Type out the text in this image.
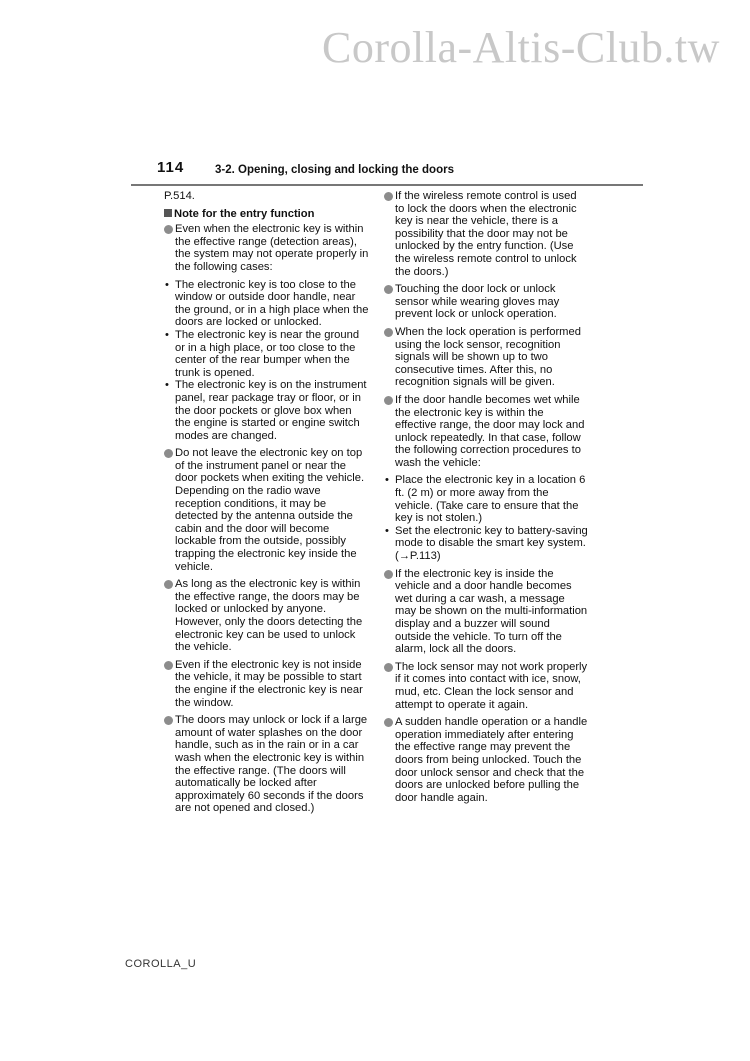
Corolla-Altis-Club.tw
114	3-2. Opening, closing and locking the doors

P.514.

Note for the entry function

Even when the electronic key is within the effective range (detection areas), the system may not operate properly in the following cases:

• The electronic key is too close to the window or outside door handle, near the ground, or in a high place when the doors are locked or unlocked.

• The electronic key is near the ground or in a high place, or too close to the center of the rear bumper when the trunk is opened.

• The electronic key is on the instrument panel, rear package tray or floor, or in the door pockets or glove box when the engine is started or engine switch modes are changed.

Do not leave the electronic key on top of the instrument panel or near the door pockets when exiting the vehicle. Depending on the radio wave reception conditions, it may be detected by the antenna outside the cabin and the door will become lockable from the outside, possibly trapping the electronic key inside the vehicle.
As long as the electronic key is within the effective range, the doors may be locked or unlocked by anyone. However, only the doors detecting the electronic key can be used to unlock the vehicle.
Even if the electronic key is not inside the vehicle, it may be possible to start the engine if the electronic key is near the window.
The doors may unlock or lock if a large amount of water splashes on the door handle, such as in the rain or in a car wash when the electronic key is within the effective range. (The doors will automatically be locked after approximately 60 seconds if the doors are not opened and closed.)
If the wireless remote control is used to lock the doors when the electronic key is near the vehicle, there is a possibility that the door may not be unlocked by the entry function. (Use the wireless remote control to unlock the doors.)
Touching the door lock or unlock sensor while wearing gloves may prevent lock or unlock operation.
When the lock operation is performed using the lock sensor, recognition signals will be shown up to two consecutive times. After this, no recognition signals will be given.
If the door handle becomes wet while the electronic key is within the effective range, the door may lock and unlock repeatedly. In that case, follow the following correction procedures to wash the vehicle:

• Place the electronic key in a location 6 ft. (2 m) or more away from the vehicle. (Take care to ensure that the key is not stolen.)

• Set the electronic key to battery-saving mode to disable the smart key system. (→P.113)

If the electronic key is inside the vehicle and a door handle becomes wet during a car wash, a message may be shown on the multi-information display and a buzzer will sound outside the vehicle. To turn off the alarm, lock all the doors.
The lock sensor may not work properly if it comes into contact with ice, snow, mud, etc. Clean the lock sensor and attempt to operate it again.
A sudden handle operation or a handle operation immediately after entering the effective range may prevent the doors from being unlocked. Touch the door unlock sensor and check that the doors are unlocked before pulling the door handle again.
COROLLA_U
